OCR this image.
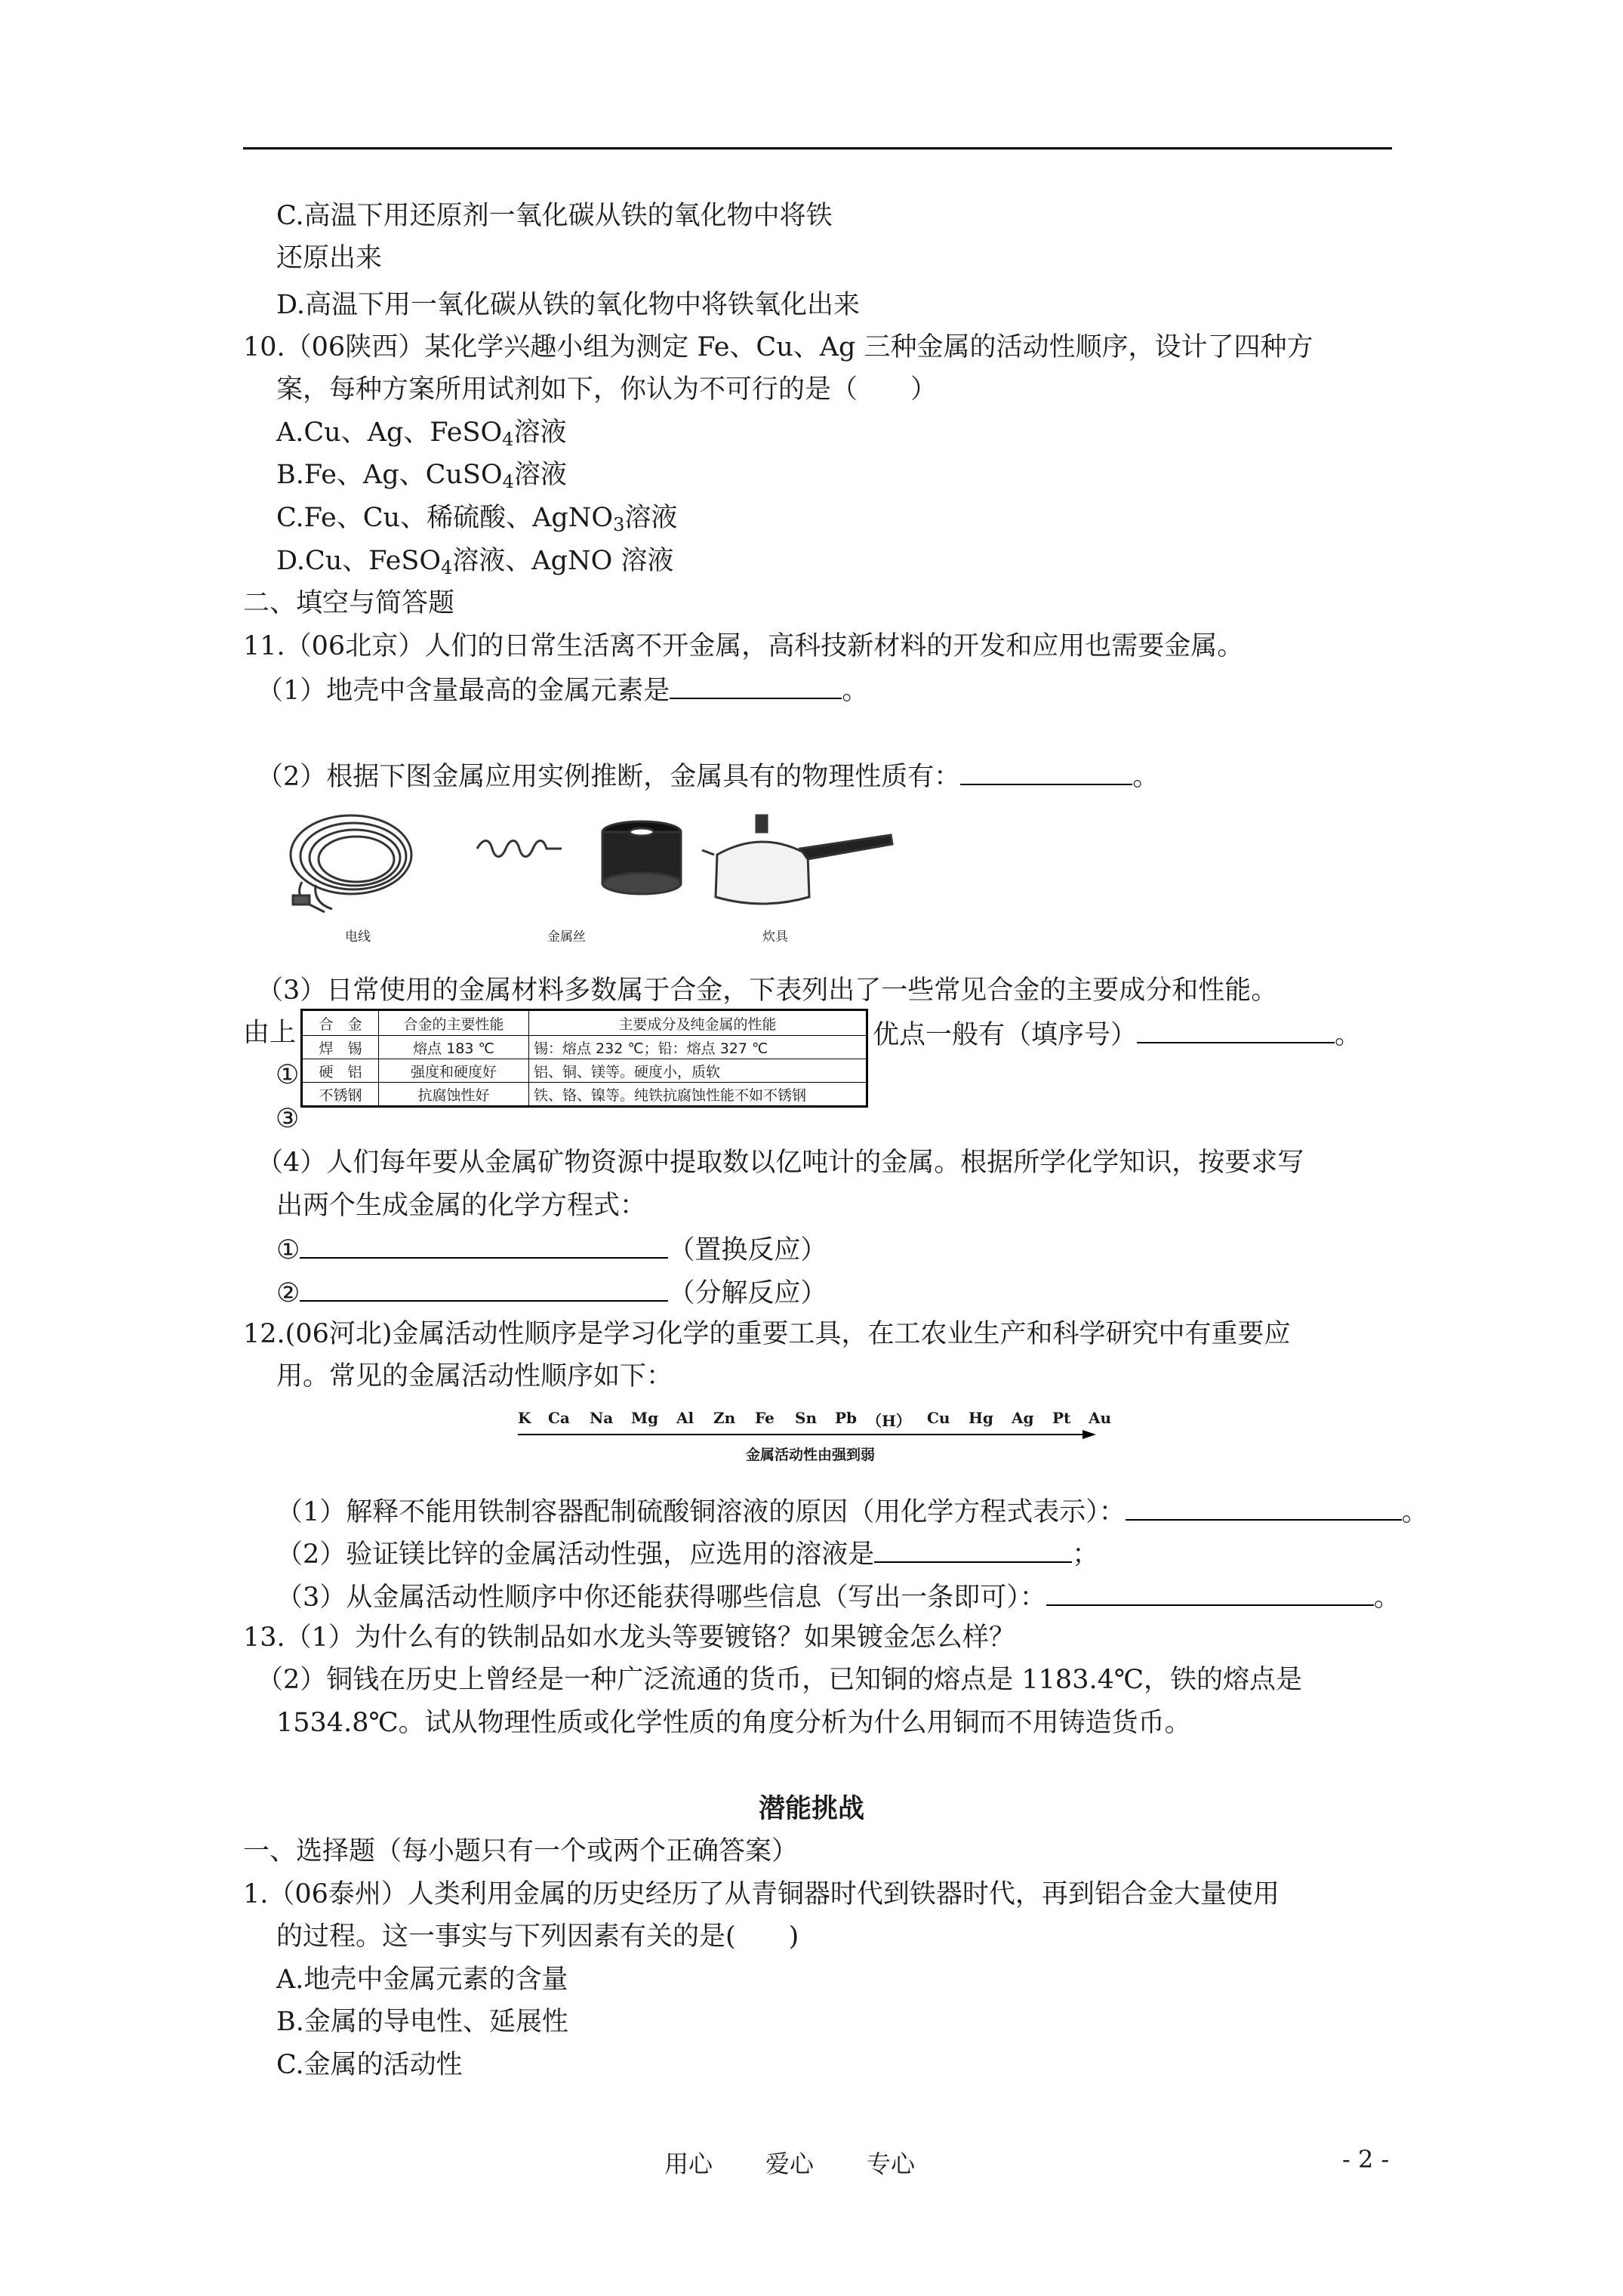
C.高温下用还原剂一氧化碳从铁的氧化物中将铁
还原出来
D.高温下用一氧化碳从铁的氧化物中将铁氧化出来
10.（06陕西）某化学兴趣小组为测定 Fe、Cu、Ag 三种金属的活动性顺序，设计了四种方
案，每种方案所用试剂如下，你认为不可行的是（　　）
A.Cu、Ag、FeSO$_4$溶液
B.Fe、Ag、CuSO$_4$溶液
C.Fe、Cu、稀硫酸、AgNO$_3$溶液
D.Cu、FeSO$_4$溶液、AgNO 溶液
二、填空与简答题
11.（06北京）人们的日常生活离不开金属，高科技新材料的开发和应用也需要金属。
（1）地壳中含量最高的金属元素是	。
（2）根据下图金属应用实例推断，金属具有的物理性质有：	。
电线	金属丝	炊具
（3）日常使用的金属材料多数属于合金，下表列出了一些常见合金的主要成分和性能。
由上	优点一般有（填序号）	。
①
③
合　金	合金的主要性能	主要成分及纯金属的性能
焊　锡	熔点 183 ℃	锡：熔点 232 ℃；铅：熔点 327 ℃
硬　铝	强度和硬度好	铝、铜、镁等。硬度小，质软
不锈钢	抗腐蚀性好	铁、铬、镍等。纯铁抗腐蚀性能不如不锈钢
（4）人们每年要从金属矿物资源中提取数以亿吨计的金属。根据所学化学知识，按要求写
出两个生成金属的化学方程式：
①	（置换反应）
②	（分解反应）
12.(06河北)金属活动性顺序是学习化学的重要工具，在工农业生产和科学研究中有重要应
用。常见的金属活动性顺序如下：
K Ca Na Mg Al Zn Fe Sn Pb （H） Cu Hg Ag Pt Au
金属活动性由强到弱
（1）解释不能用铁制容器配制硫酸铜溶液的原因（用化学方程式表示）：	。
（2）验证镁比锌的金属活动性强，应选用的溶液是	；
（3）从金属活动性顺序中你还能获得哪些信息（写出一条即可）：	。
13.（1）为什么有的铁制品如水龙头等要镀铬？如果镀金怎么样？
（2）铜钱在历史上曾经是一种广泛流通的货币，已知铜的熔点是 1183.4℃，铁的熔点是
1534.8℃。试从物理性质或化学性质的角度分析为什么用铜而不用铸造货币。
潜能挑战
一、选择题（每小题只有一个或两个正确答案）
1.（06泰州）人类利用金属的历史经历了从青铜器时代到铁器时代，再到铝合金大量使用
的过程。这一事实与下列因素有关的是(　　)
A.地壳中金属元素的含量
B.金属的导电性、延展性
C.金属的活动性
用心 爱心 专心	- 2 -
